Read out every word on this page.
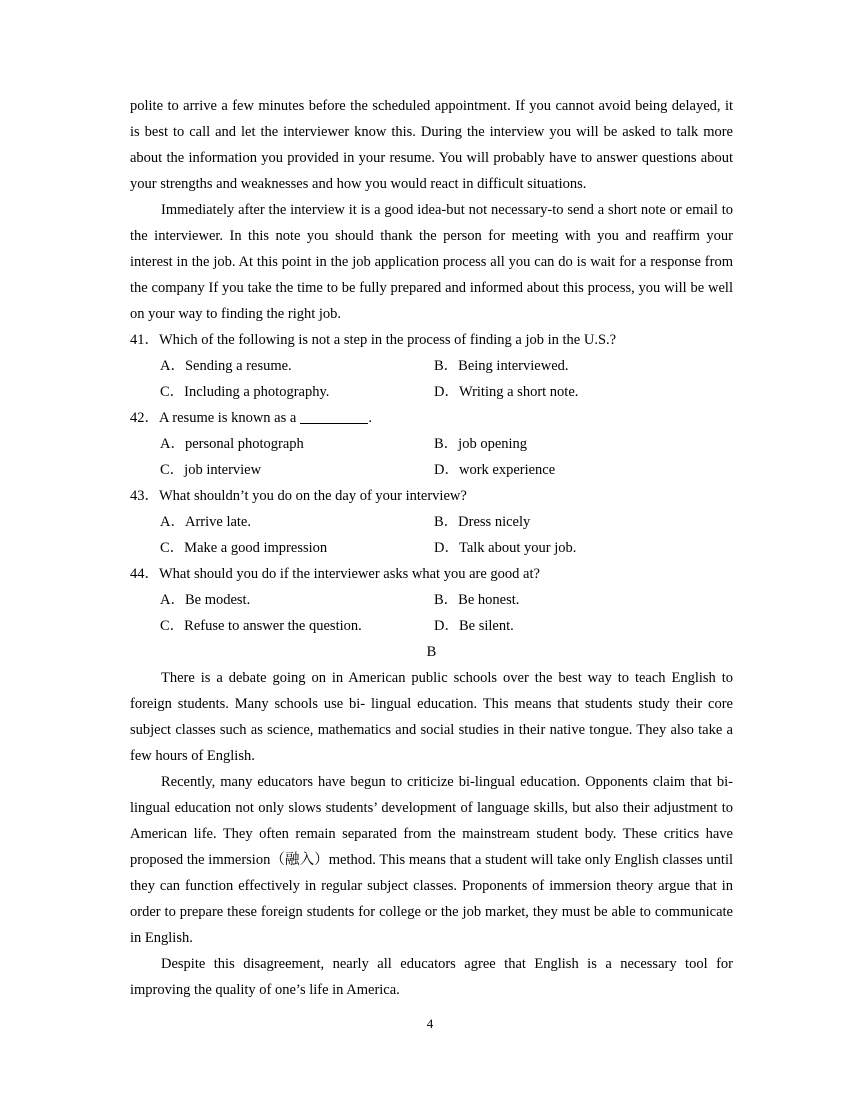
polite to arrive a few minutes before the scheduled appointment. If you cannot avoid being delayed, it is best to call and let the interviewer know this. During the interview you will be asked to talk more about the information you provided in your resume. You will probably have to answer questions about your strengths and weaknesses and how you would react in difficult situations.

Immediately after the interview it is a good idea-but not necessary-to send a short note or email to the interviewer. In this note you should thank the person for meeting with you and reaffirm your interest in the job. At this point in the job application process all you can do is wait for a response from the company If you take the time to be fully prepared and informed about this process, you will be well on your way to finding the right job.

41．Which of the following is not a step in the process of finding a job in the U.S.?

A．Sending a resume.	B．Being interviewed.
C．Including a photography.	D．Writing a short note.

42．A resume is known as a	.

A．personal photograph	B．job opening
C．job interview	D．work experience

43．What shouldn’t you do on the day of your interview?

A．Arrive late.	B．Dress nicely
C．Make a good impression	D．Talk about your job.

44．What should you do if the interviewer asks what you are good at?

A．Be modest.	B．Be honest.
C．Refuse to answer the question.	D．Be silent.

B

There is a debate going on in American public schools over the best way to teach English to foreign students. Many schools use bi- lingual education. This means that students study their core subject classes such as science, mathematics and social studies in their native tongue. They also take a few hours of English.

Recently, many educators have begun to criticize bi-lingual education. Opponents claim that bi-lingual education not only slows students’ development of language skills, but also their adjustment to American life. They often remain separated from the mainstream student body. These critics have proposed the immersion（融入）method. This means that a student will take only English classes until they can function effectively in regular subject classes. Proponents of immersion theory argue that in order to prepare these foreign students for college or the job market, they must be able to communicate in English.

Despite this disagreement, nearly all educators agree that English is a necessary tool for improving the quality of one’s life in America.

4
